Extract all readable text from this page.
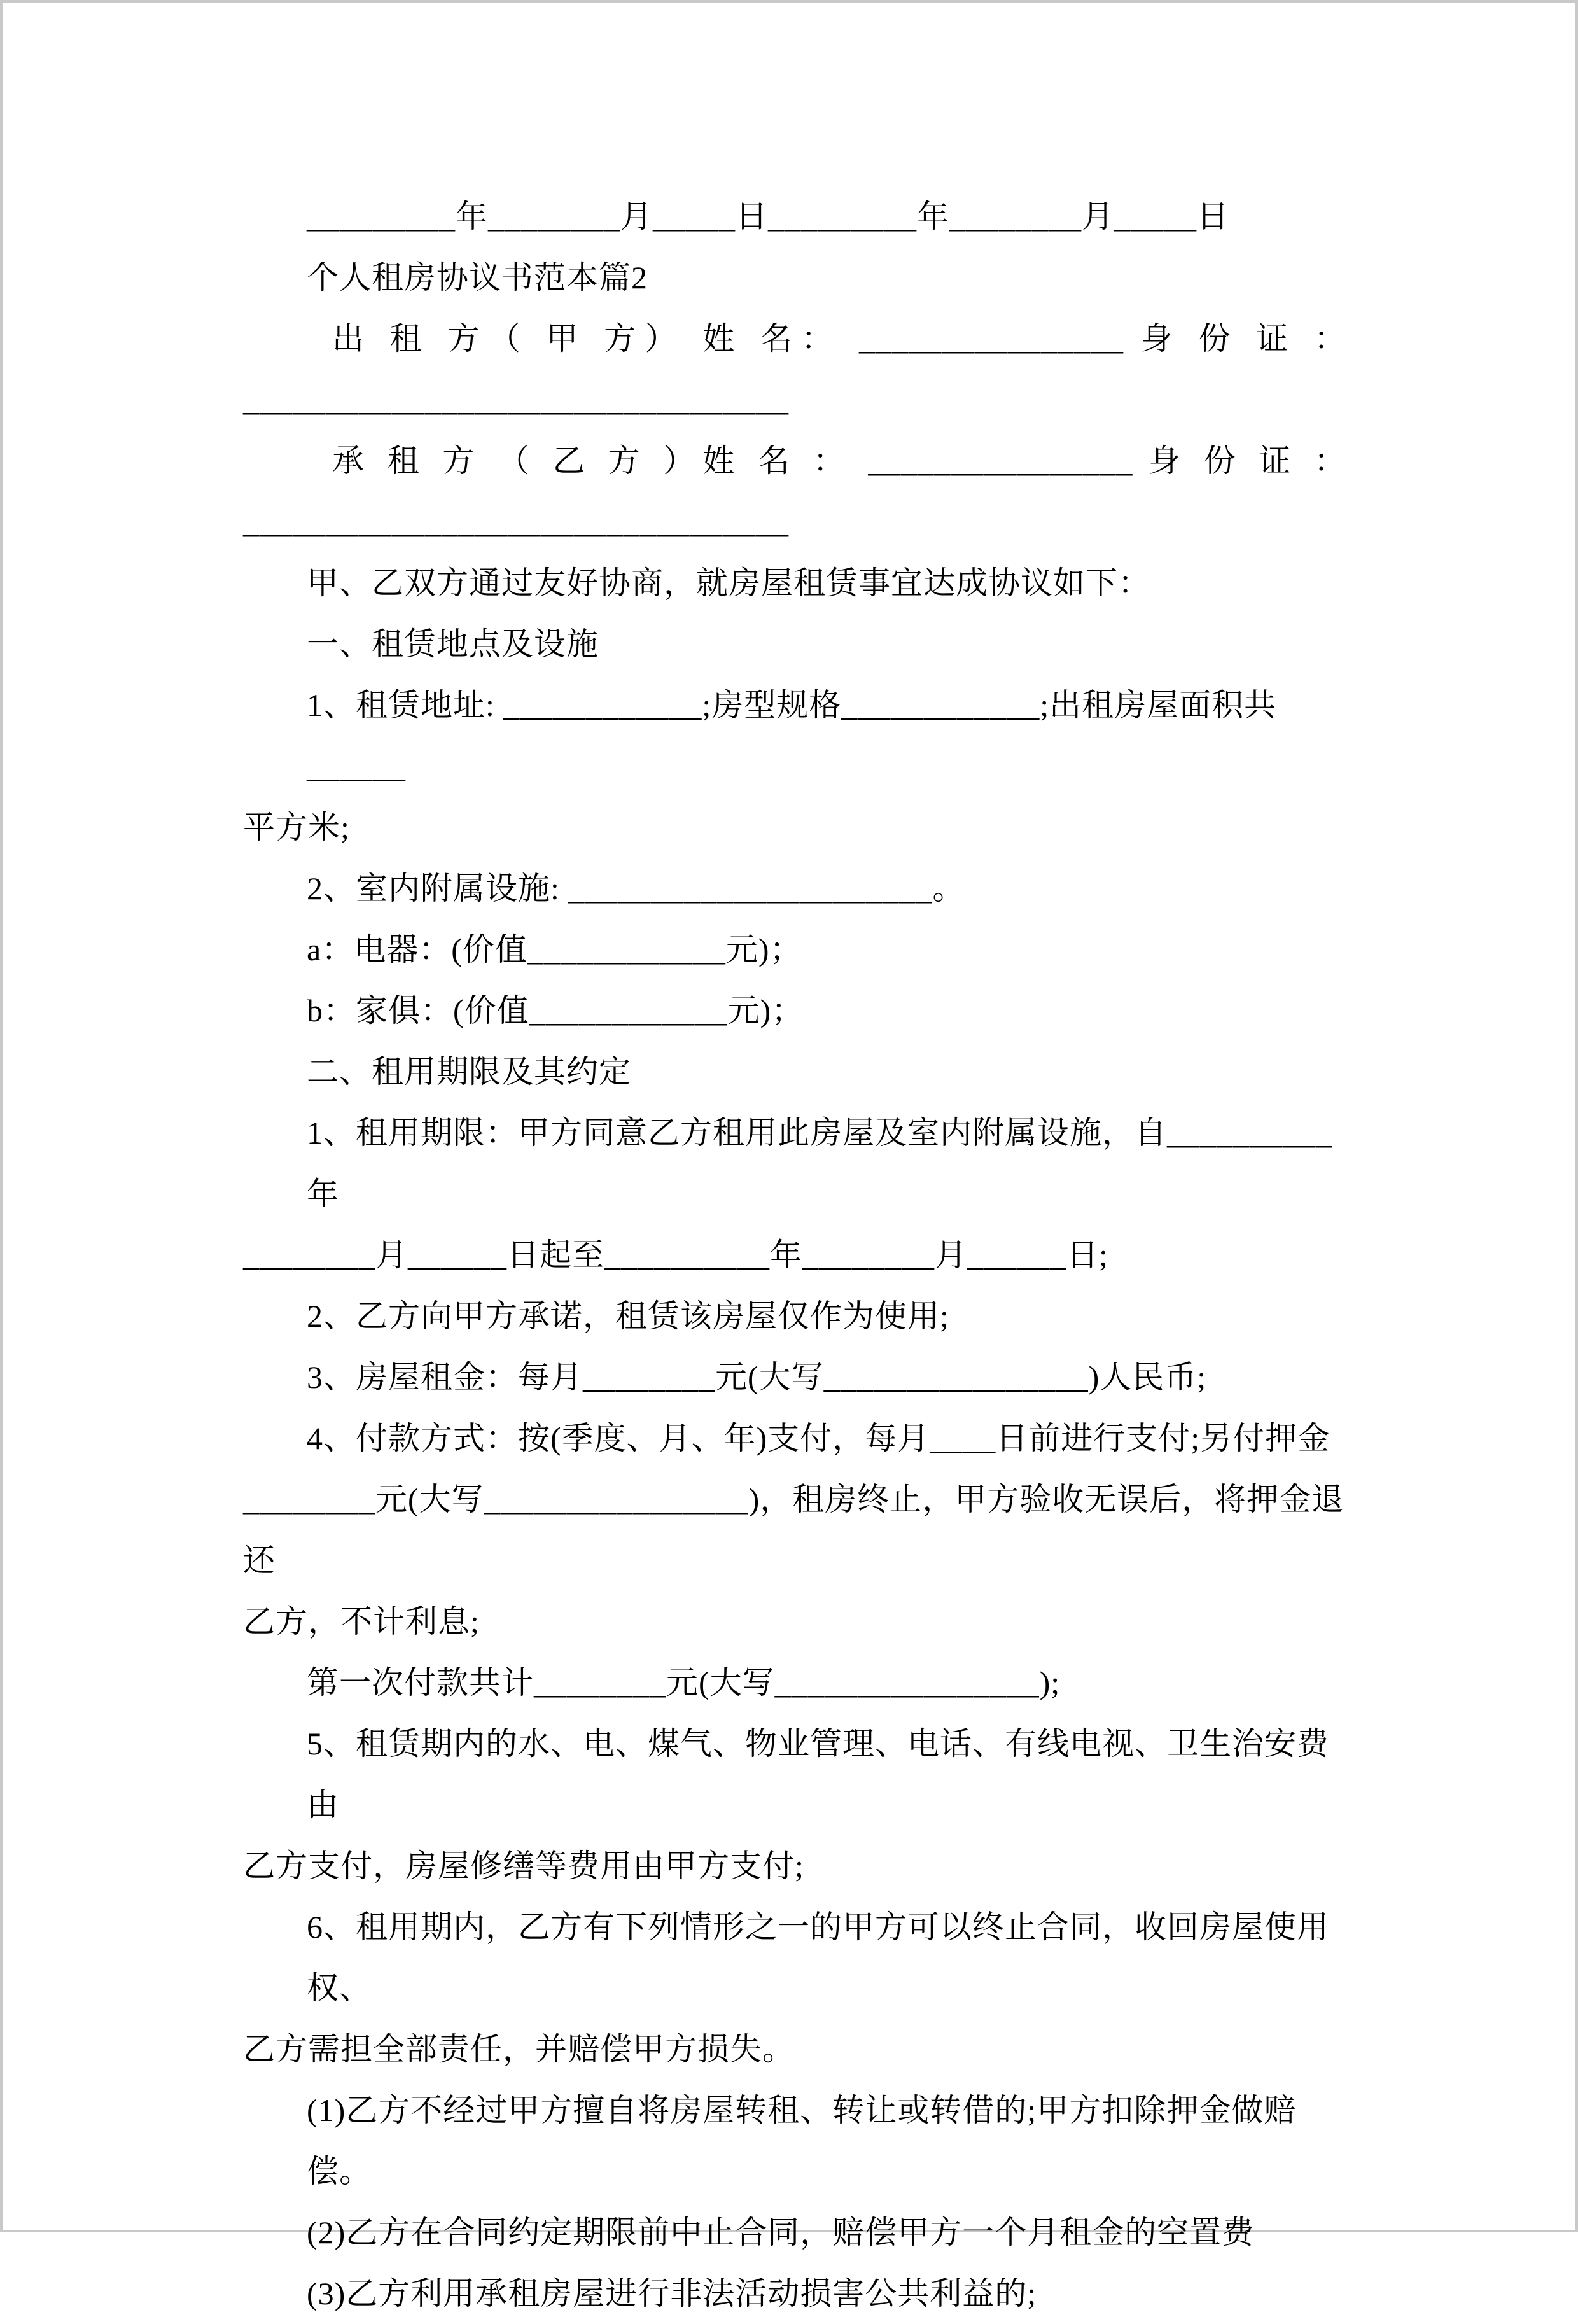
_________年________月_____日_________年________月_____日
个人租房协议书范本篇2
出 租 方（ 甲 方） 姓 名： ________________ 身 份 证 ：
_________________________________
承 租 方 （ 乙 方 ）姓 名 ： ________________ 身 份 证 ：
_________________________________
甲、乙双方通过友好协商，就房屋租赁事宜达成协议如下：
一、租赁地点及设施
1、租赁地址: ____________;房型规格____________;出租房屋面积共______
平方米;
2、室内附属设施: ______________________。
a：电器：(价值____________元)；
b：家俱：(价值____________元)；
二、租用期限及其约定
1、租用期限：甲方同意乙方租用此房屋及室内附属设施，自__________年
________月______日起至__________年________月______日;
2、乙方向甲方承诺，租赁该房屋仅作为使用;
3、房屋租金：每月________元(大写________________)人民币;
4、付款方式：按(季度、月、年)支付，每月____日前进行支付;另付押金
________元(大写________________)，租房终止，甲方验收无误后，将押金退还
乙方，不计利息;
第一次付款共计________元(大写________________);
5、租赁期内的水、电、煤气、物业管理、电话、有线电视、卫生治安费由
乙方支付，房屋修缮等费用由甲方支付;
6、租用期内，乙方有下列情形之一的甲方可以终止合同，收回房屋使用权、
乙方需担全部责任，并赔偿甲方损失。
(1)乙方不经过甲方擅自将房屋转租、转让或转借的;甲方扣除押金做赔偿。
(2)乙方在合同约定期限前中止合同，赔偿甲方一个月租金的空置费
(3)乙方利用承租房屋进行非法活动损害公共利益的;
